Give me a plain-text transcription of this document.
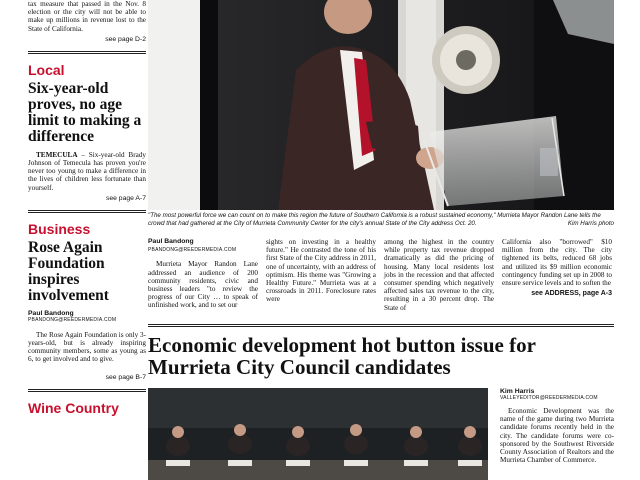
tax measure that passed in the Nov. 8 election or the city will not be able to make up millions in revenue lost to the State of California.

see page D-2

Local
Six-year-old proves, no age limit to making a difference

TEMECULA – Six-year-old Brady Johnson of Temecula has proven you're never too young to make a difference in the lives of children less fortunate than yourself.

see page A-7

Business
Rose Again Foundation inspires involvement
Paul Bandong
PBANDONG@REEDERMEDIA.COM

The Rose Again Foundation is only 3-years-old, but is already inspiring community members, some as young as 6, to get involved and to give.

see page B-7

Wine Country
"The most powerful force we can count on to make this region the future of Southern California is a robust sustained economy," Murrieta Mayor Randon Lane tells the crowd that had gathered at the City of Murrieta Community Center for the city's annual State of the City address Oct. 20.	Kim Harris photo
Paul Bandong
PBANDONG@REEDERMEDIA.COM

Murrieta Mayor Randon Lane addressed an audience of 200 community residents, civic and business leaders "to review the progress of our City … to speak of unfinished work, and to set our

sights on investing in a healthy future." He contrasted the tone of his first State of the City address in 2011, one of uncertainty, with an address of optimism. His theme was "Growing a Healthy Future." Murrieta was at a crossroads in 2011. Foreclosure rates were
among the highest in the country while property tax revenue dropped dramatically as did the pricing of housing. Many local residents lost jobs in the recession and that affected consumer spending which negatively affected sales tax revenue to the city, resulting in a 30 percent drop. The State of

California also "borrowed" $10 million from the city. The city tightened its belts, reduced 68 jobs and utilized its $9 million economic contingency funding set up in 2008 to ensure service levels and to soften the

see ADDRESS, page A-3

Economic development hot button issue for Murrieta City Council candidates
Kim Harris
VALLEYEDITOR@REEDERMEDIA.COM

Economic Development was the name of the game during two Murrieta candidate forums recently held in the city. The candidate forums were co-sponsored by the Southwest Riverside County Association of Realtors and the Murrieta Chamber of Commerce.
